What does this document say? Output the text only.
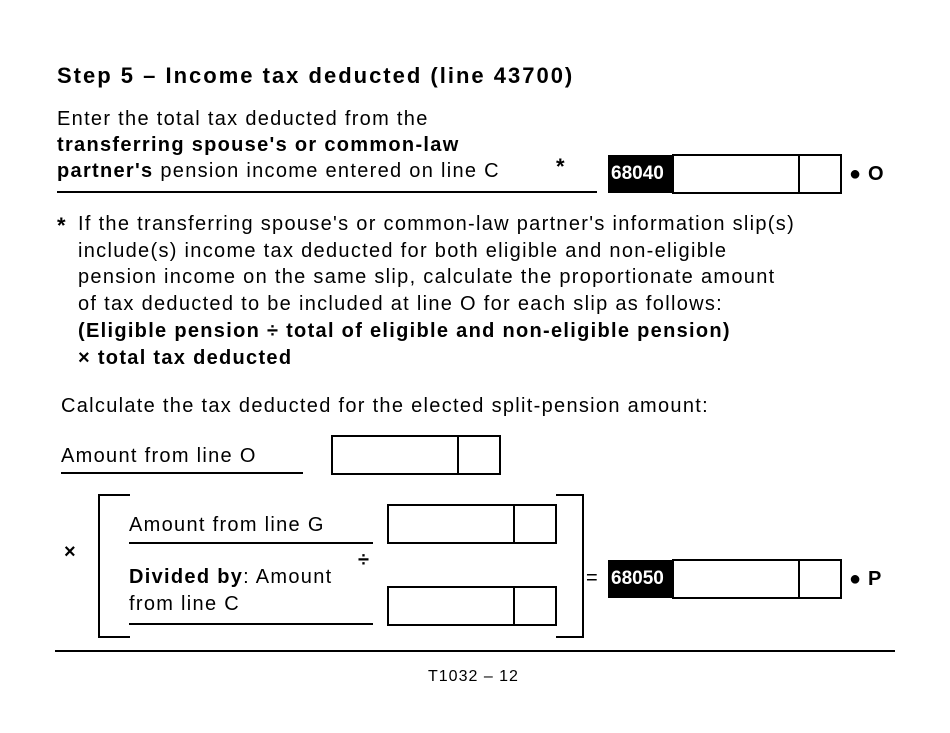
Step 5 – Income tax deducted (line 43700)
Enter the total tax deducted from the
transferring spouse's or common-law
partner's pension income entered on line C	* 68040	● O
* If the transferring spouse's or common-law partner's information slip(s)
include(s) income tax deducted for both eligible and non-eligible
pension income on the same slip, calculate the proportionate amount
of tax deducted to be included at line O for each slip as follows:
(Eligible pension ÷ total of eligible and non-eligible pension)
× total tax deducted
Calculate the tax deducted for the elected split-pension amount:
Amount from line O
×
Amount from line G
÷
Divided by: Amount
from line C
= 68050	● P
T1032 – 12
